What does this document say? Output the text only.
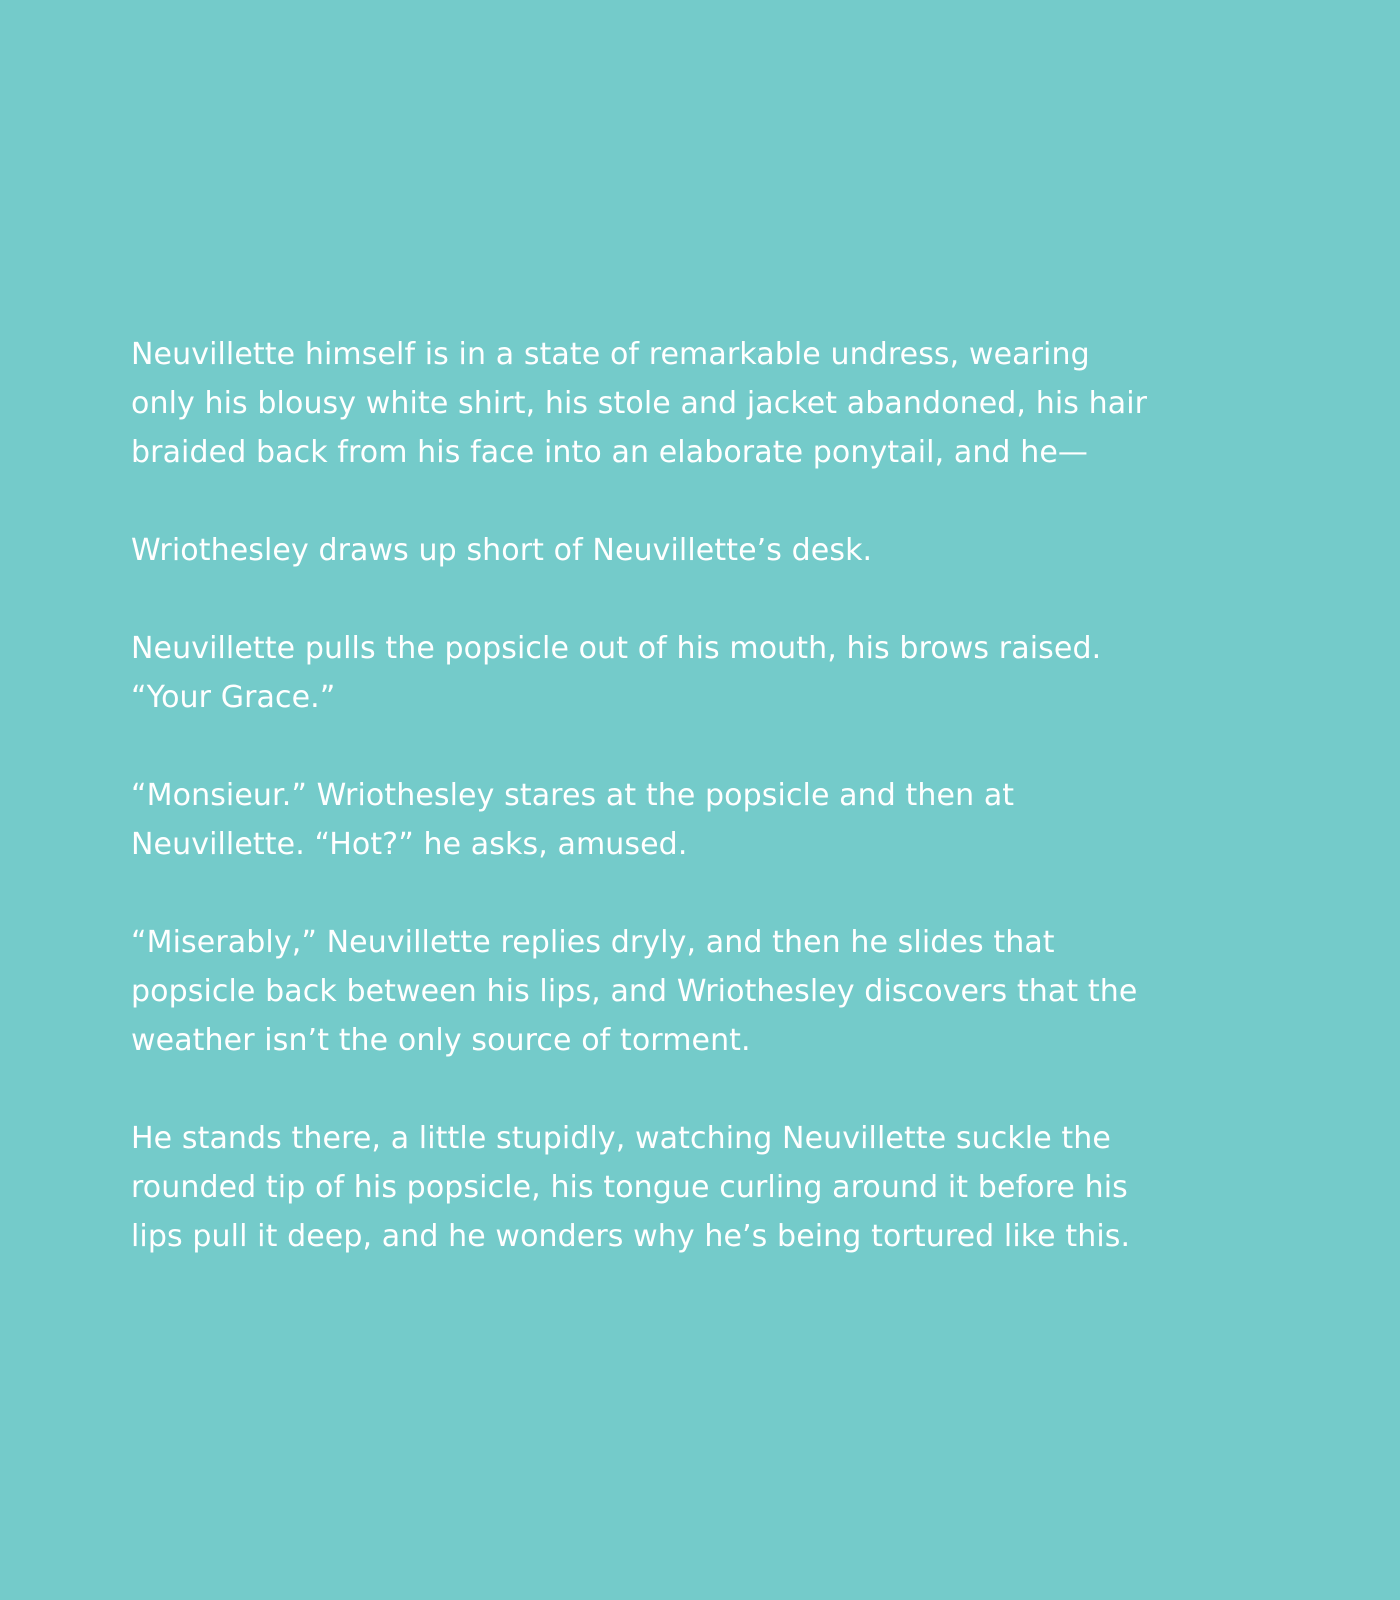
Neuvillette himself is in a state of remarkable undress, wearing
only his blousy white shirt, his stole and jacket abandoned, his hair
braided back from his face into an elaborate ponytail, and he—

Wriothesley draws up short of Neuvillette’s desk.

Neuvillette pulls the popsicle out of his mouth, his brows raised.
“Your Grace.”

“Monsieur.” Wriothesley stares at the popsicle and then at
Neuvillette. “Hot?” he asks, amused.

“Miserably,” Neuvillette replies dryly, and then he slides that
popsicle back between his lips, and Wriothesley discovers that the
weather isn’t the only source of torment.

He stands there, a little stupidly, watching Neuvillette suckle the
rounded tip of his popsicle, his tongue curling around it before his
lips pull it deep, and he wonders why he’s being tortured like this.
